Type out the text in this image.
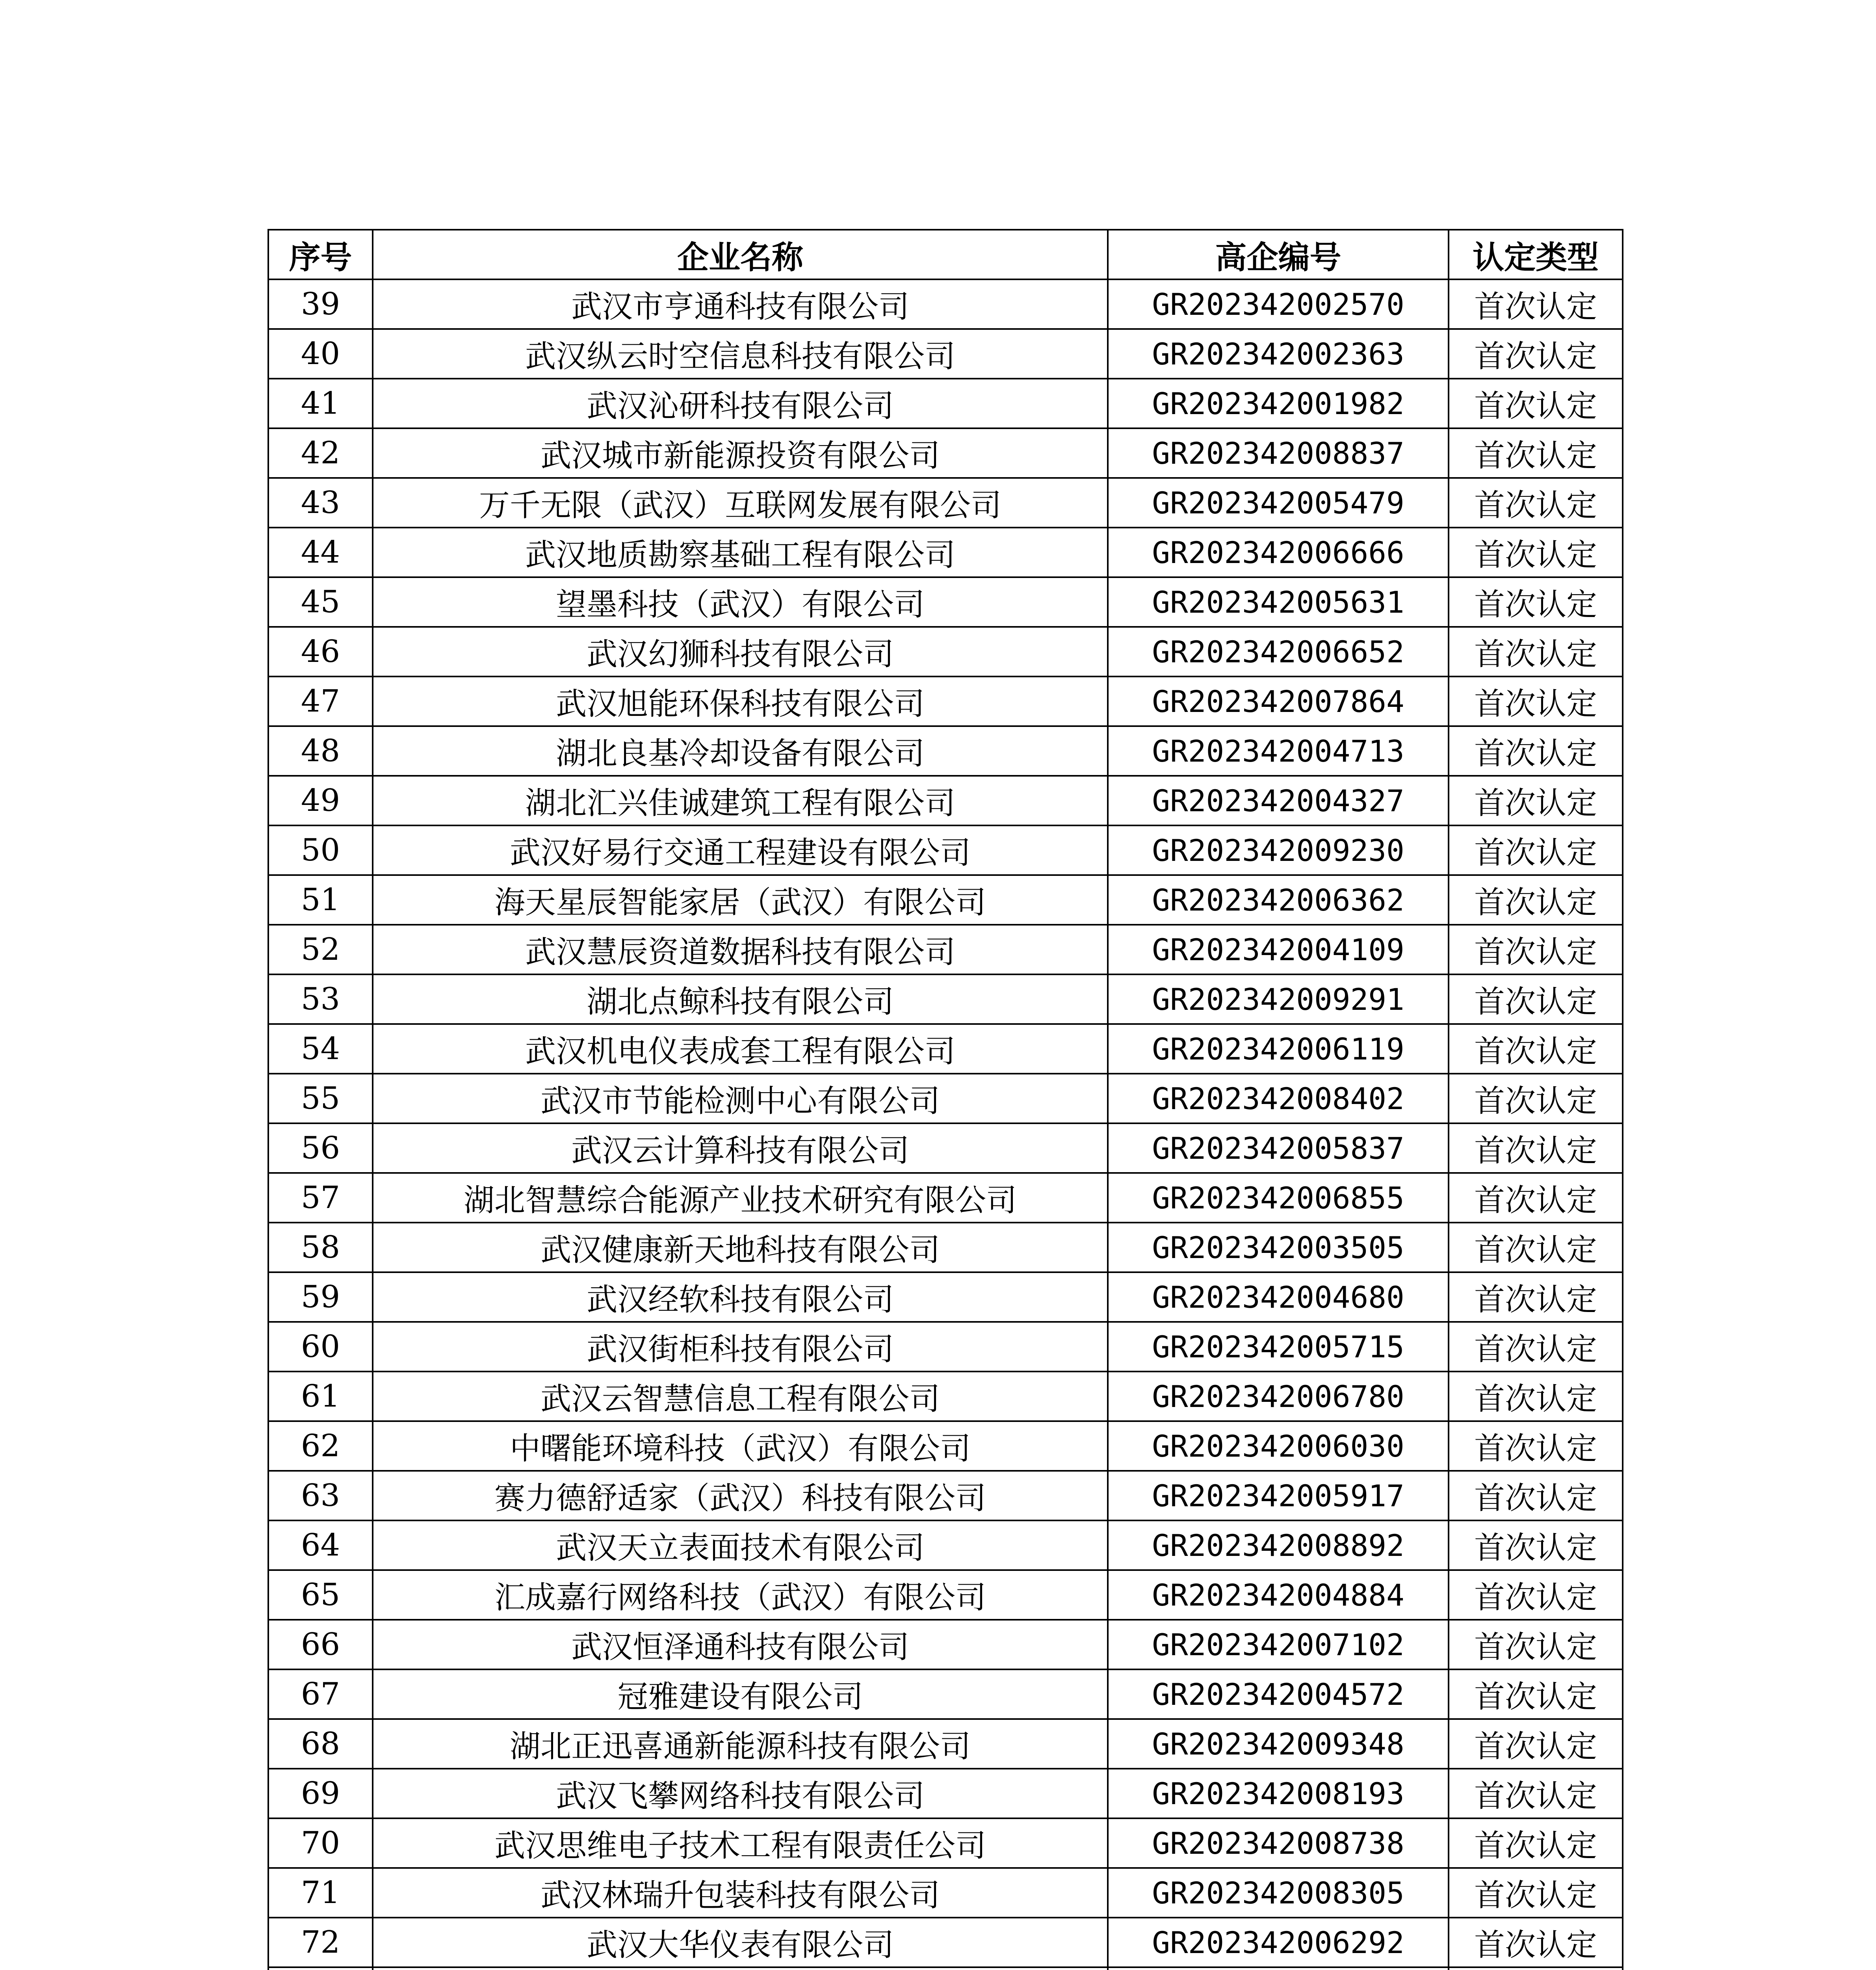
序号	企业名称	高企编号	认定类型
39	武汉市亨通科技有限公司	GR202342002570	首次认定
40	武汉纵云时空信息科技有限公司	GR202342002363	首次认定
41	武汉沁研科技有限公司	GR202342001982	首次认定
42	武汉城市新能源投资有限公司	GR202342008837	首次认定
43	万千无限（武汉）互联网发展有限公司	GR202342005479	首次认定
44	武汉地质勘察基础工程有限公司	GR202342006666	首次认定
45	望墨科技（武汉）有限公司	GR202342005631	首次认定
46	武汉幻狮科技有限公司	GR202342006652	首次认定
47	武汉旭能环保科技有限公司	GR202342007864	首次认定
48	湖北良基冷却设备有限公司	GR202342004713	首次认定
49	湖北汇兴佳诚建筑工程有限公司	GR202342004327	首次认定
50	武汉好易行交通工程建设有限公司	GR202342009230	首次认定
51	海天星辰智能家居（武汉）有限公司	GR202342006362	首次认定
52	武汉慧辰资道数据科技有限公司	GR202342004109	首次认定
53	湖北点鲸科技有限公司	GR202342009291	首次认定
54	武汉机电仪表成套工程有限公司	GR202342006119	首次认定
55	武汉市节能检测中心有限公司	GR202342008402	首次认定
56	武汉云计算科技有限公司	GR202342005837	首次认定
57	湖北智慧综合能源产业技术研究有限公司	GR202342006855	首次认定
58	武汉健康新天地科技有限公司	GR202342003505	首次认定
59	武汉经软科技有限公司	GR202342004680	首次认定
60	武汉街柜科技有限公司	GR202342005715	首次认定
61	武汉云智慧信息工程有限公司	GR202342006780	首次认定
62	中曙能环境科技（武汉）有限公司	GR202342006030	首次认定
63	赛力德舒适家（武汉）科技有限公司	GR202342005917	首次认定
64	武汉天立表面技术有限公司	GR202342008892	首次认定
65	汇成嘉行网络科技（武汉）有限公司	GR202342004884	首次认定
66	武汉恒泽通科技有限公司	GR202342007102	首次认定
67	冠雅建设有限公司	GR202342004572	首次认定
68	湖北正迅喜通新能源科技有限公司	GR202342009348	首次认定
69	武汉飞攀网络科技有限公司	GR202342008193	首次认定
70	武汉思维电子技术工程有限责任公司	GR202342008738	首次认定
71	武汉林瑞升包装科技有限公司	GR202342008305	首次认定
72	武汉大华仪表有限公司	GR202342006292	首次认定
